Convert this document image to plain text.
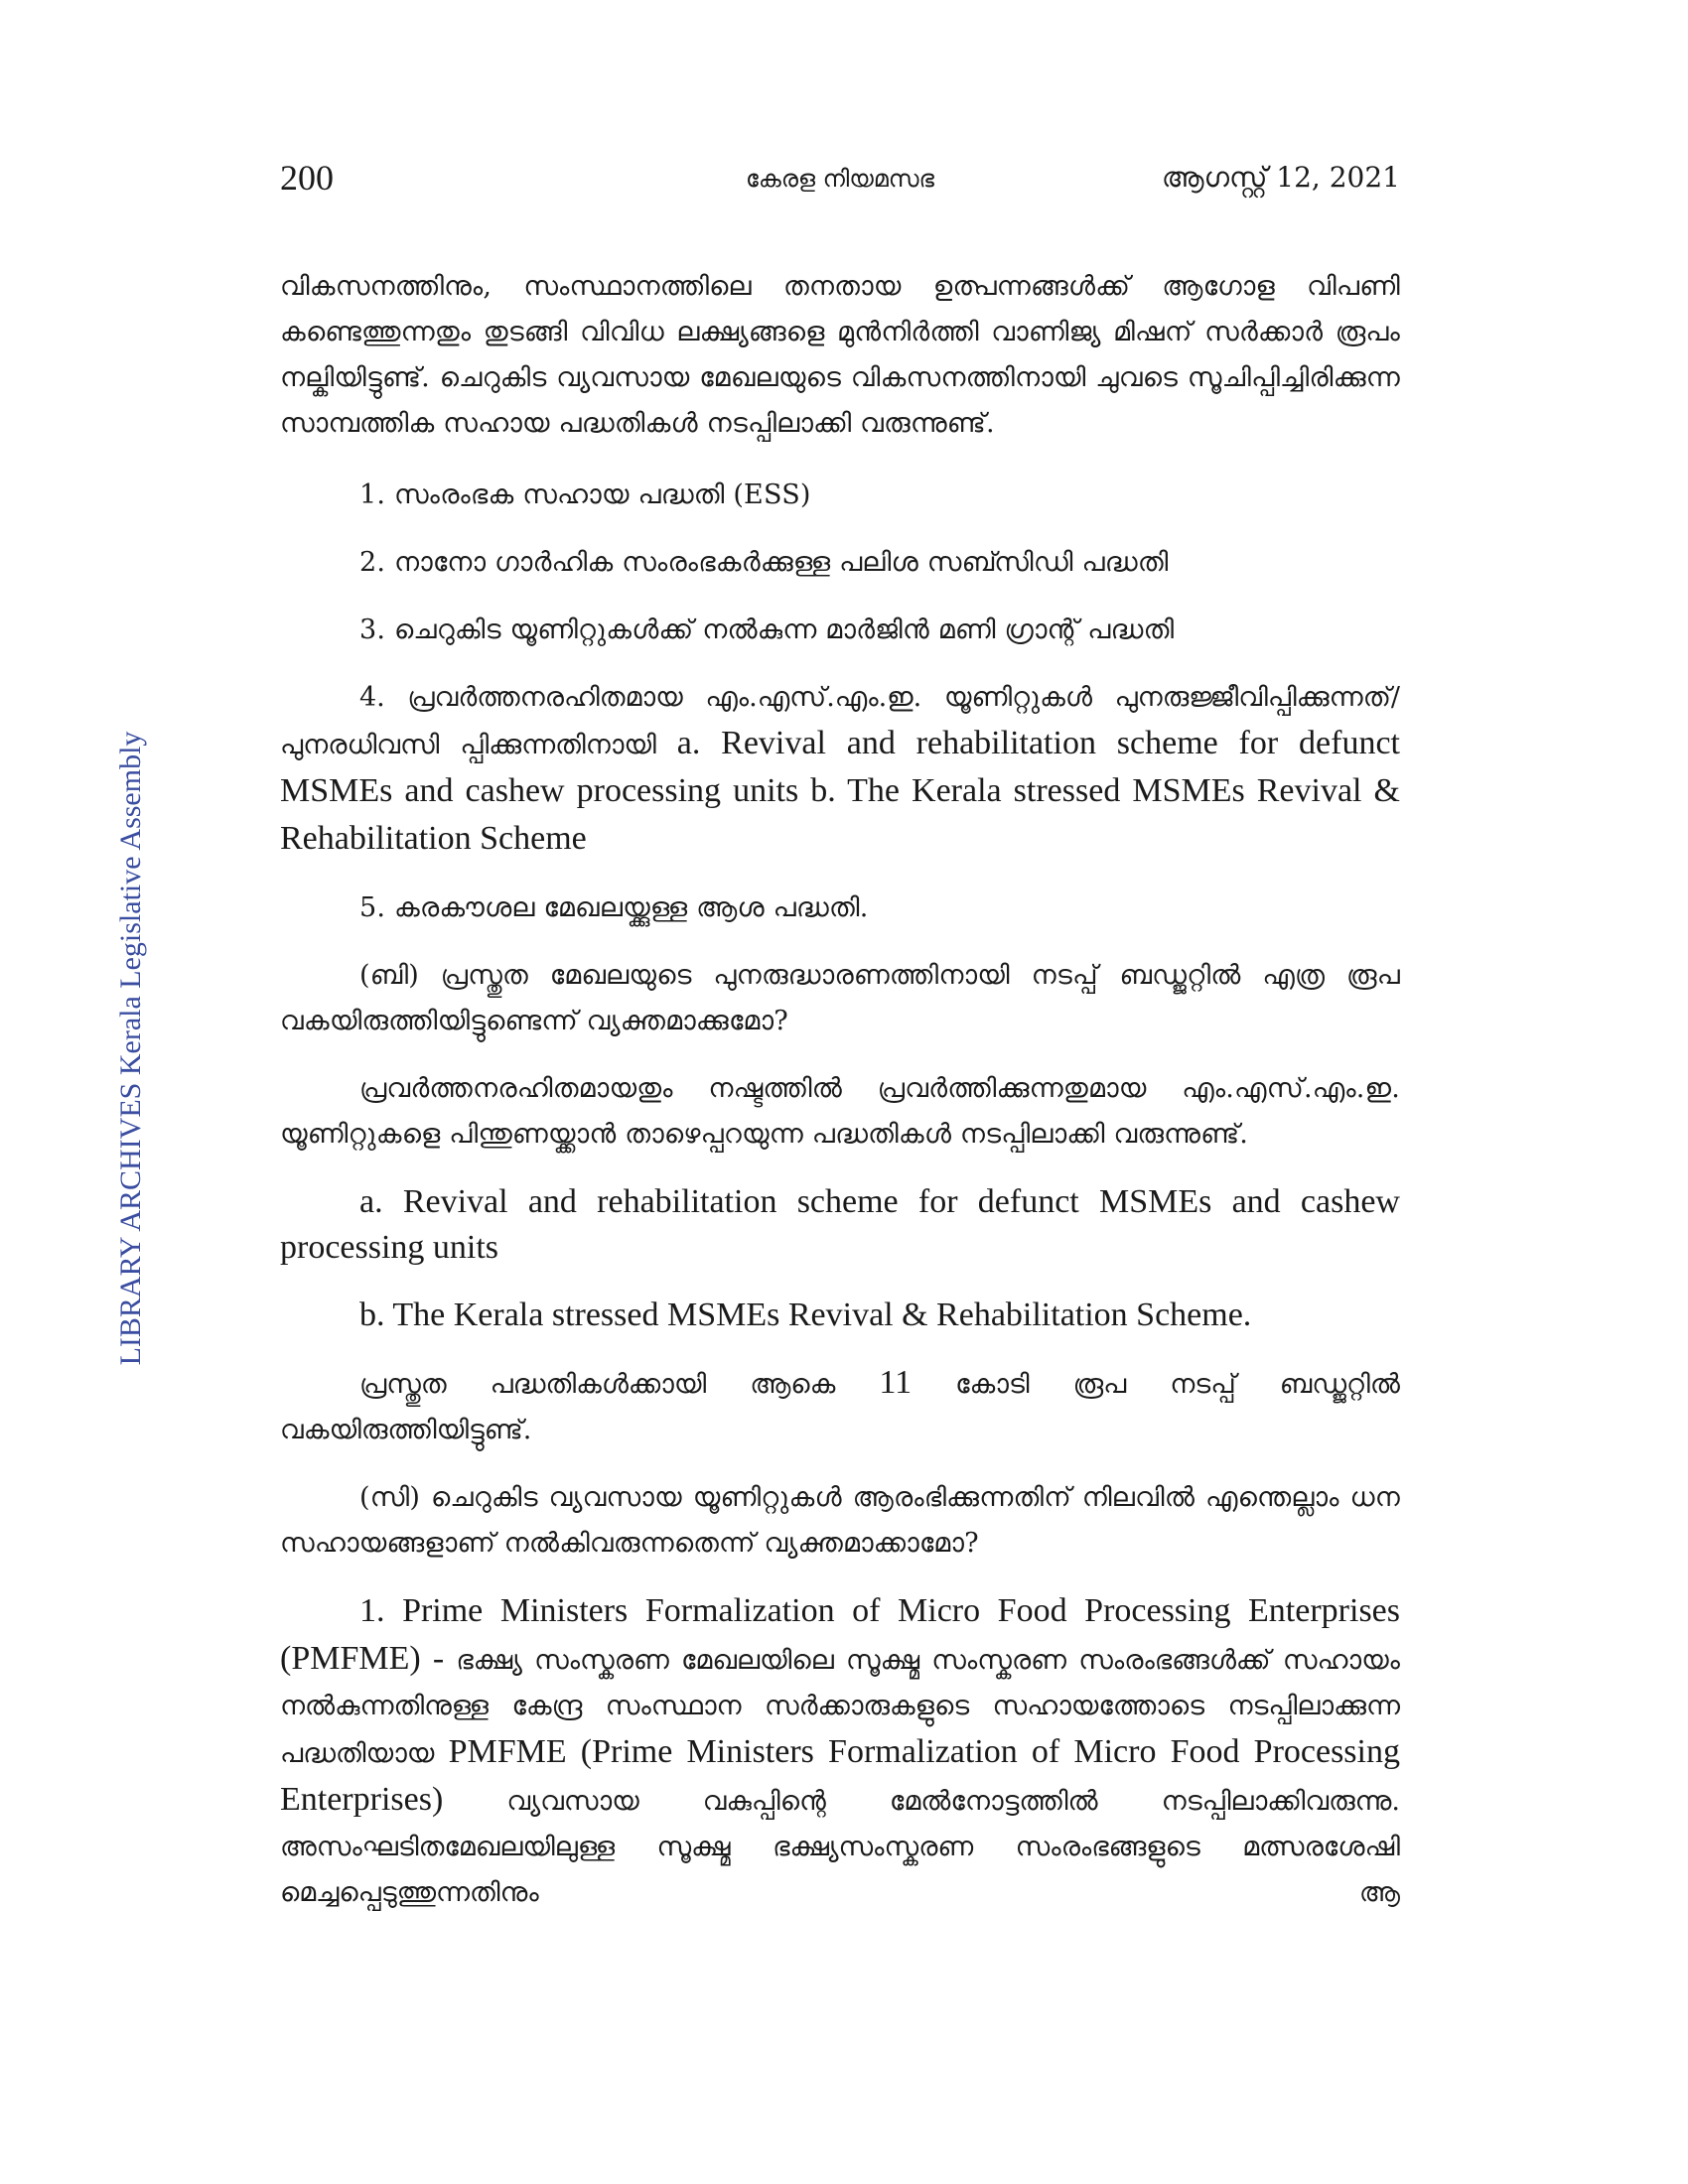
200	കേരള നിയമസഭ	ആഗസ്റ്റ് 12, 2021
LIBRARY ARCHIVES Kerala Legislative Assembly

വികസനത്തിനും, സംസ്ഥാനത്തിലെ തനതായ ഉത്പന്നങ്ങൾക്ക് ആഗോള വിപണി കണ്ടെത്തുന്നതും തുടങ്ങി വിവിധ ലക്ഷ്യങ്ങളെ മുൻനിർത്തി വാണിജ്യ മിഷന് സർക്കാർ രൂപം നല്കിയിട്ടുണ്ട്. ചെറുകിട വ്യവസായ മേഖലയുടെ വികസനത്തിനായി ചുവടെ സൂചിപ്പിച്ചിരിക്കുന്ന സാമ്പത്തിക സഹായ പദ്ധതികൾ നടപ്പിലാക്കി വരുന്നുണ്ട്.

1. സംരംഭക സഹായ പദ്ധതി (ESS)

2. നാനോ ഗാർഹിക സംരംഭകർക്കുള്ള പലിശ സബ്സിഡി പദ്ധതി

3. ചെറുകിട യൂണിറ്റുകൾക്ക് നൽകുന്ന മാർജിൻ മണി ഗ്രാന്റ് പദ്ധതി

4. പ്രവർത്തനരഹിതമായ എം.എസ്.എം.ഇ. യൂണിറ്റുകൾ പുനരുജ്ജീവിപ്പിക്കുന്നത്/ പുനരധിവസി പ്പിക്കുന്നതിനായി a. Revival and rehabilitation scheme for defunct MSMEs and cashew processing units b. The Kerala stressed MSMEs Revival & Rehabilitation Scheme

5. കരകൗശല മേഖലയ്ക്കുള്ള ആശ പദ്ധതി.

(ബി) പ്രസ്തുത മേഖലയുടെ പുനരുദ്ധാരണത്തിനായി നടപ്പ് ബഡ്ജറ്റിൽ എത്ര രൂപ വകയിരുത്തിയിട്ടുണ്ടെന്ന് വ്യക്തമാക്കുമോ?

പ്രവർത്തനരഹിതമായതും നഷ്ടത്തിൽ പ്രവർത്തിക്കുന്നതുമായ എം.എസ്.എം.ഇ. യൂണിറ്റുകളെ പിന്തുണയ്ക്കാൻ താഴെപ്പറയുന്ന പദ്ധതികൾ നടപ്പിലാക്കി വരുന്നുണ്ട്.

a. Revival and rehabilitation scheme for defunct MSMEs and cashew processing units

b. The Kerala stressed MSMEs Revival & Rehabilitation Scheme.

പ്രസ്തുത പദ്ധതികൾക്കായി ആകെ 11 കോടി രൂപ നടപ്പ് ബഡ്ജറ്റിൽ വകയിരുത്തിയിട്ടുണ്ട്.

(സി) ചെറുകിട വ്യവസായ യൂണിറ്റുകൾ ആരംഭിക്കുന്നതിന് നിലവിൽ എന്തെല്ലാം ധന സഹായങ്ങളാണ് നൽകിവരുന്നതെന്ന് വ്യക്തമാക്കാമോ?

1. Prime Ministers Formalization of Micro Food Processing Enterprises (PMFME) - ഭക്ഷ്യ സംസ്കരണ മേഖലയിലെ സൂക്ഷ്മ സംസ്കരണ സംരംഭങ്ങൾക്ക് സഹായം നൽകുന്നതിനുള്ള കേന്ദ്ര സംസ്ഥാന സർക്കാരുകളുടെ സഹായത്തോടെ നടപ്പിലാക്കുന്ന പദ്ധതിയായ PMFME (Prime Ministers Formalization of Micro Food Processing Enterprises) വ്യവസായ വകുപ്പിന്റെ മേൽനോട്ടത്തിൽ നടപ്പിലാക്കിവരുന്നു. അസംഘടിതമേഖലയിലുള്ള സൂക്ഷ്മ ഭക്ഷ്യസംസ്കരണ സംരംഭങ്ങളുടെ മത്സരശേഷി മെച്ചപ്പെടുത്തുന്നതിനും ആ
